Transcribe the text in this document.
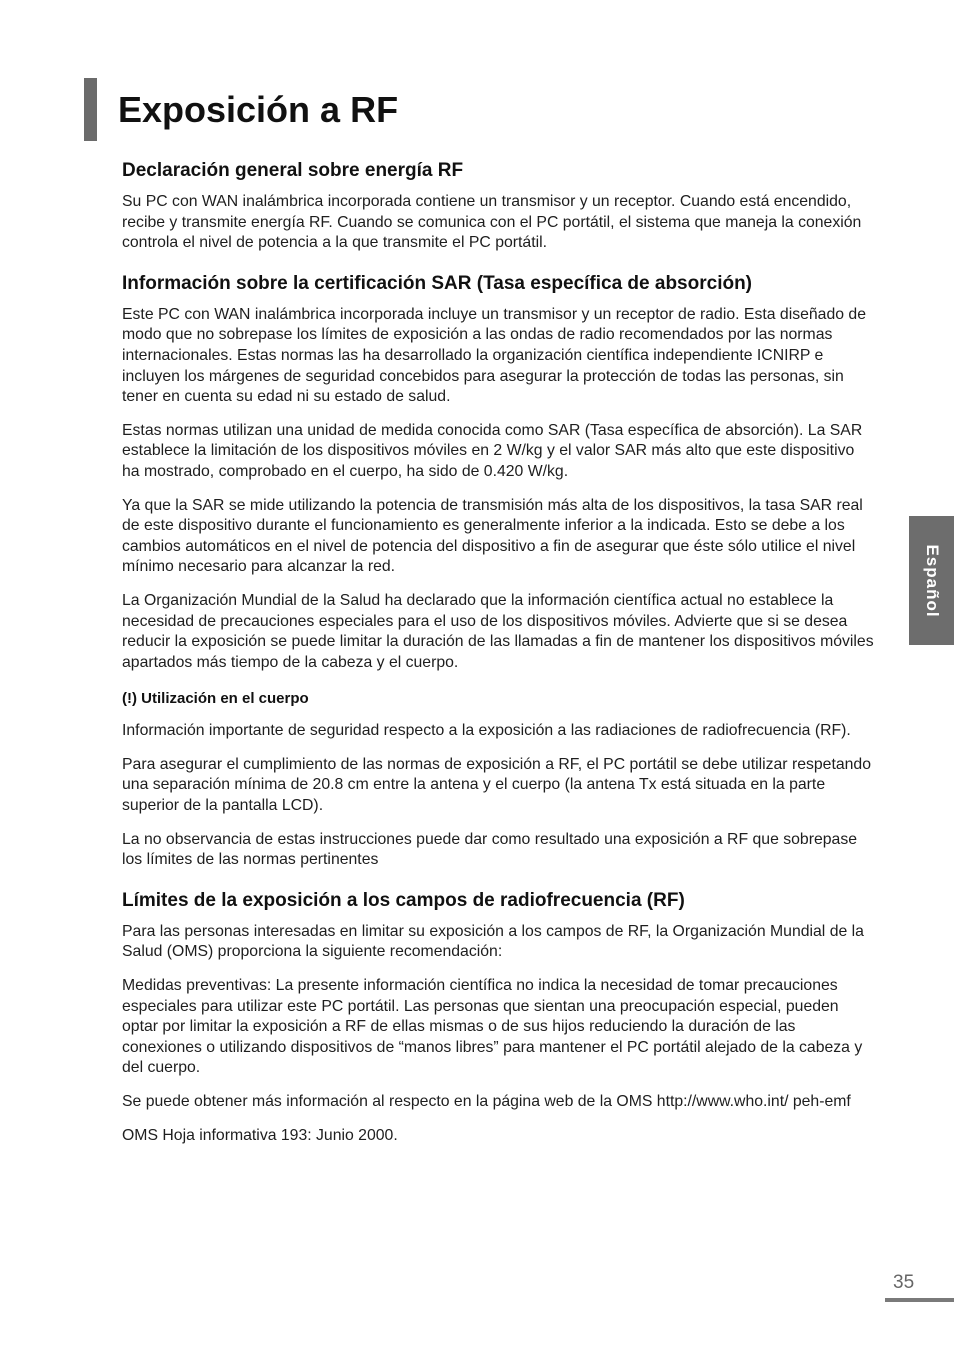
Exposición a RF
Declaración general sobre energía RF

Su PC con WAN inalámbrica incorporada contiene un transmisor y un receptor. Cuando está encendido, recibe y transmite energía RF. Cuando se comunica con el PC portátil, el sistema que maneja la conexión controla el nivel de potencia a la que transmite el PC portátil.

Información sobre la certificación SAR (Tasa específica de absorción)

Este PC con WAN inalámbrica incorporada incluye un transmisor y un receptor de radio. Esta diseñado de modo que no sobrepase los límites de exposición a las ondas de radio recomendados por las normas internacionales. Estas normas las ha desarrollado la organización científica independiente ICNIRP e incluyen los márgenes de seguridad concebidos para asegurar la protección de todas las personas, sin tener en cuenta su edad ni su estado de salud.

Estas normas utilizan una unidad de medida conocida como SAR (Tasa específica de absorción). La SAR establece la limitación de los dispositivos móviles en 2 W/kg y el valor SAR más alto que este dispositivo ha mostrado, comprobado en el cuerpo, ha sido de 0.420 W/kg.

Ya que la SAR se mide utilizando la potencia de transmisión más alta de los dispositivos, la tasa SAR real de este dispositivo durante el funcionamiento es generalmente inferior a la indicada. Esto se debe a los cambios automáticos en el nivel de potencia del dispositivo a fin de asegurar que éste sólo utilice el nivel mínimo necesario para alcanzar la red.

La Organización Mundial de la Salud ha declarado que la información científica actual no establece la necesidad de precauciones especiales para el uso de los dispositivos móviles. Advierte que si se desea reducir la exposición se puede limitar la duración de las llamadas a fin de mantener los dispositivos móviles apartados más tiempo de la cabeza y el cuerpo.

(!) Utilización en el cuerpo

Información importante de seguridad respecto a la exposición a las radiaciones de radiofrecuencia (RF).

Para asegurar el cumplimiento de las normas de exposición a RF, el PC portátil se debe utilizar respetando una separación mínima de 20.8 cm entre la antena y el cuerpo (la antena Tx está situada en la parte superior de la pantalla LCD).

La no observancia de estas instrucciones puede dar como resultado una exposición a RF que sobrepase los límites de las normas pertinentes

Límites de la exposición a los campos de radiofrecuencia (RF)

Para las personas interesadas en limitar su exposición a los campos de RF, la Organización Mundial de la Salud (OMS) proporciona la siguiente recomendación:

Medidas preventivas: La presente información científica no indica la necesidad de tomar precauciones especiales para utilizar este PC portátil. Las personas que sientan una preocupación especial, pueden optar por limitar la exposición a RF de ellas mismas o de sus hijos reduciendo la duración de las conexiones o utilizando dispositivos de “manos libres” para mantener el PC portátil alejado de la cabeza y del cuerpo.

Se puede obtener más información al respecto en la página web de la OMS http://www.who.int/ peh-emf

OMS Hoja informativa 193: Junio 2000.

Español
35
